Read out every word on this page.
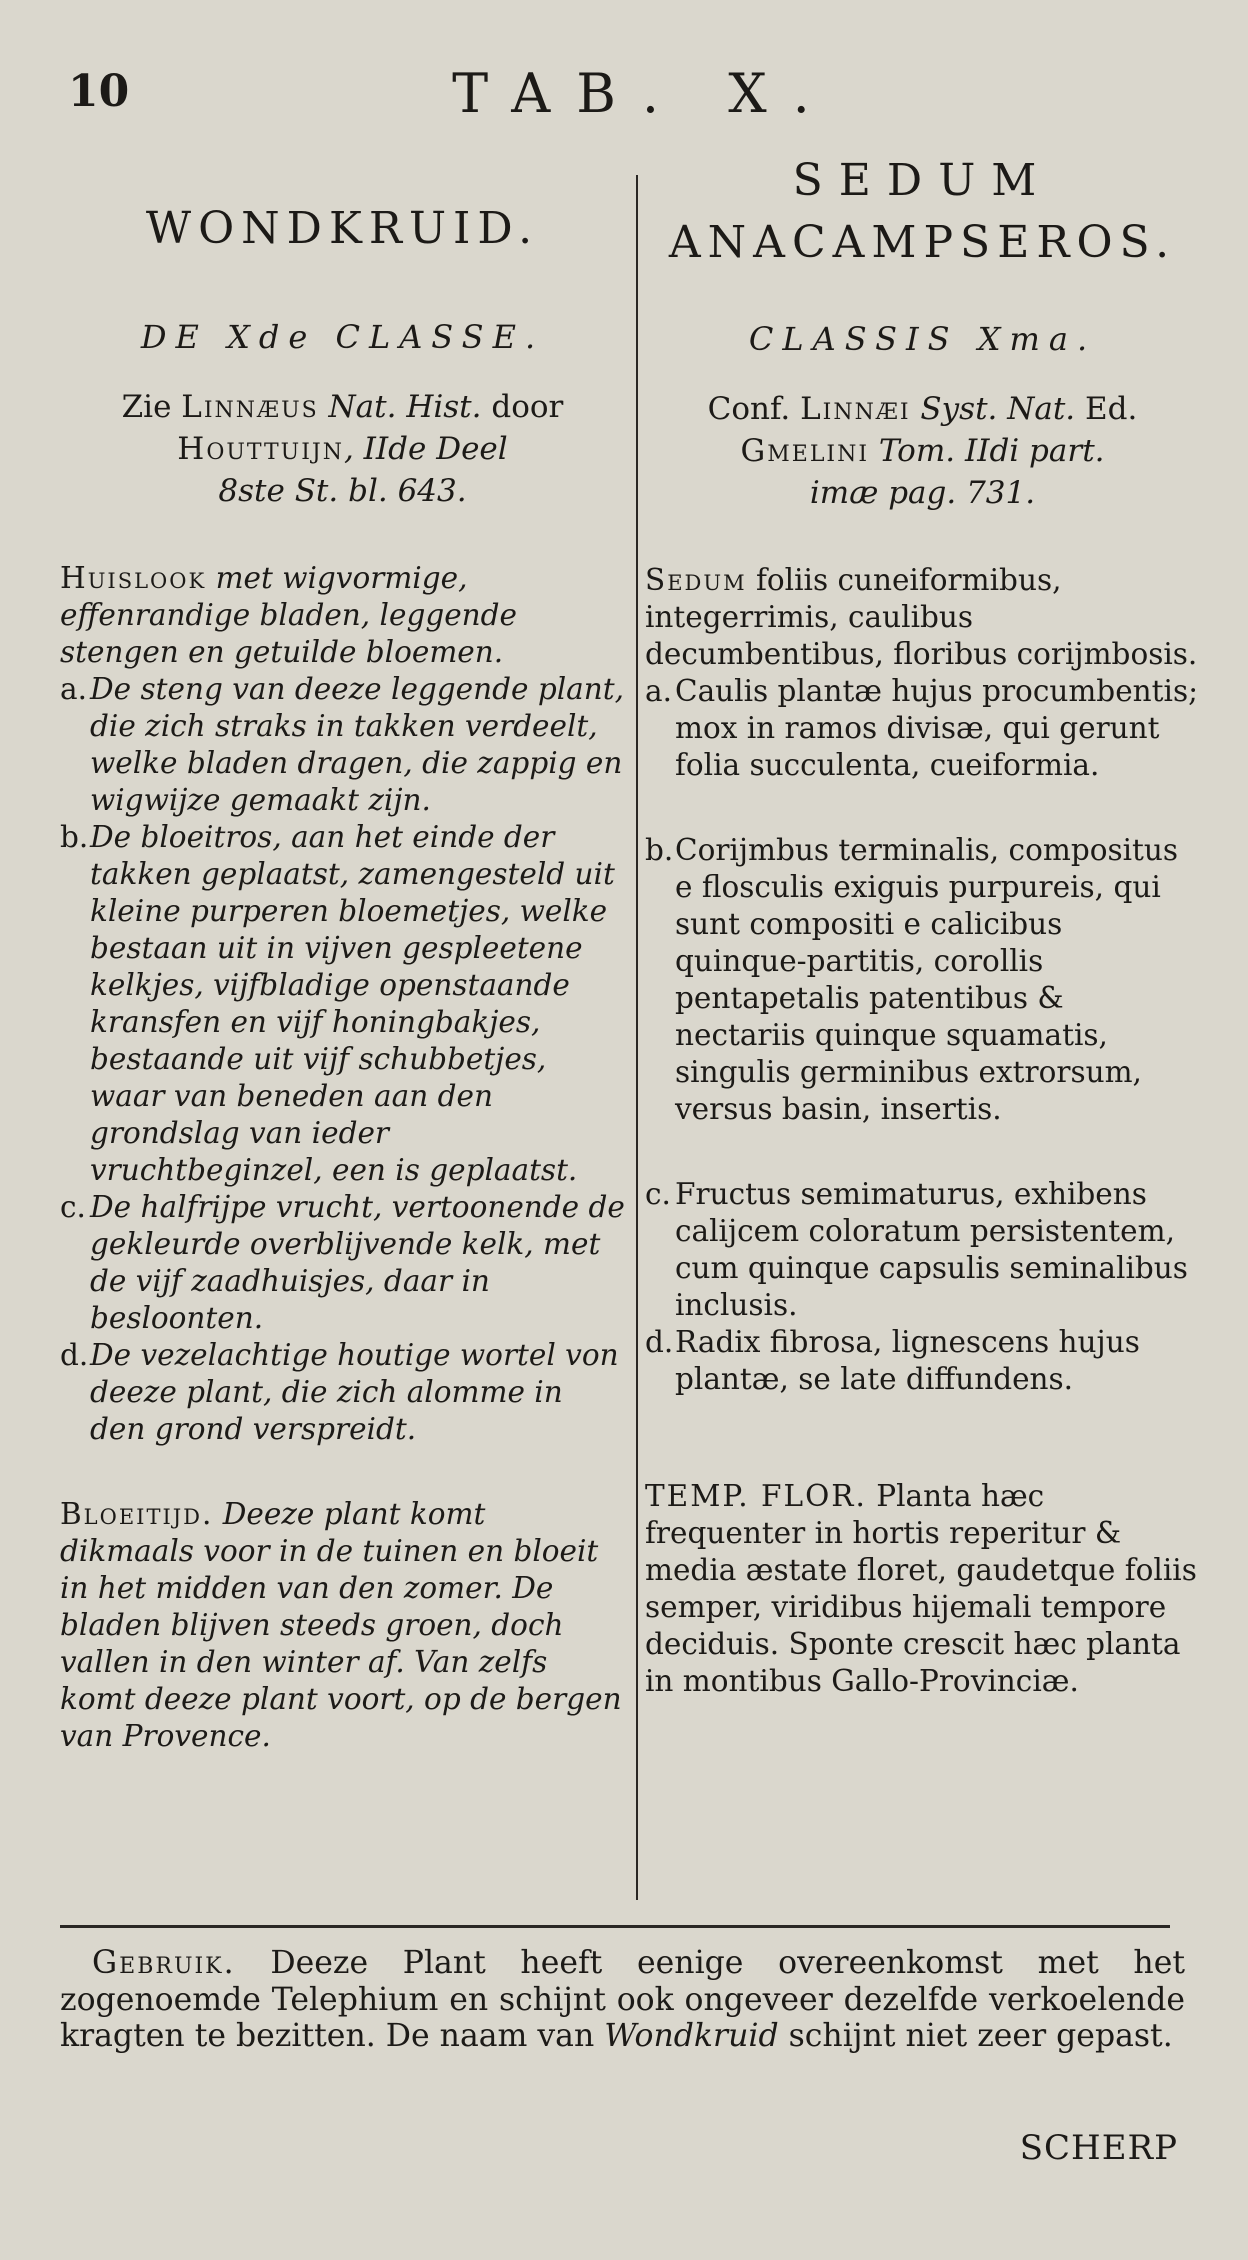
10	TAB. X.

WONDKRUID.

DE Xde CLASSE.
Zie Linnæus Nat. Hist. door
Houttuijn, IIde Deel
8ste St. bl. 643.
Huislook met wigvormige, effenrandige bladen, leggende stengen en getuilde bloemen.
a. De steng van deeze leggende plant, die zich straks in takken verdeelt, welke bladen dragen, die zappig en wigwijze gemaakt zijn.
b. De bloeitros, aan het einde der takken geplaatst, zamengesteld uit kleine purperen bloemetjes, welke bestaan uit in vijven gespleetene kelkjes, vijfbladige openstaande kransfen en vijf honingbakjes, bestaande uit vijf schubbetjes, waar van beneden aan den grondslag van ieder vruchtbeginzel, een is geplaatst.
c. De halfrijpe vrucht, vertoonende de gekleurde overblijvende kelk, met de vijf zaadhuisjes, daar in besloonten.
d. De vezelachtige houtige wortel von deeze plant, die zich alomme in den grond verspreidt.
Bloeitijd. Deeze plant komt dikmaals voor in de tuinen en bloeit in het midden van den zomer. De bladen blijven steeds groen, doch vallen in den winter af. Van zelfs komt deeze plant voort, op de bergen van Provence.

SEDUM

ANACAMPSEROS.

CLASSIS Xma.
Conf. Linnæi Syst. Nat. Ed.
Gmelini Tom. IIdi part.
imæ pag. 731.
Sedum foliis cuneiformibus, integerrimis, caulibus decumbentibus, floribus corijmbosis.
a. Caulis plantæ hujus procumbentis; mox in ramos divisæ, qui gerunt folia succulenta, cueiformia.
b. Corijmbus terminalis, compositus e flosculis exiguis purpureis, qui sunt compositi e calicibus quinque-partitis, corollis pentapetalis patentibus & nectariis quinque squamatis, singulis germinibus extrorsum, versus basin, insertis.
c. Fructus semimaturus, exhibens calijcem coloratum persistentem, cum quinque capsulis seminalibus inclusis.
d. Radix fibrosa, lignescens hujus plantæ, se late diffundens.
TEMP. FLOR. Planta hæc frequenter in hortis reperitur & media æstate floret, gaudetque foliis semper, viridibus hijemali tempore deciduis. Sponte crescit hæc planta in montibus Gallo-Provinciæ.
Gebruik. Deeze Plant heeft eenige overeenkomst met het zogenoemde Telephium en schijnt ook ongeveer dezelfde verkoelende kragten te bezitten. De naam van Wondkruid schijnt niet zeer gepast.
SCHERP
